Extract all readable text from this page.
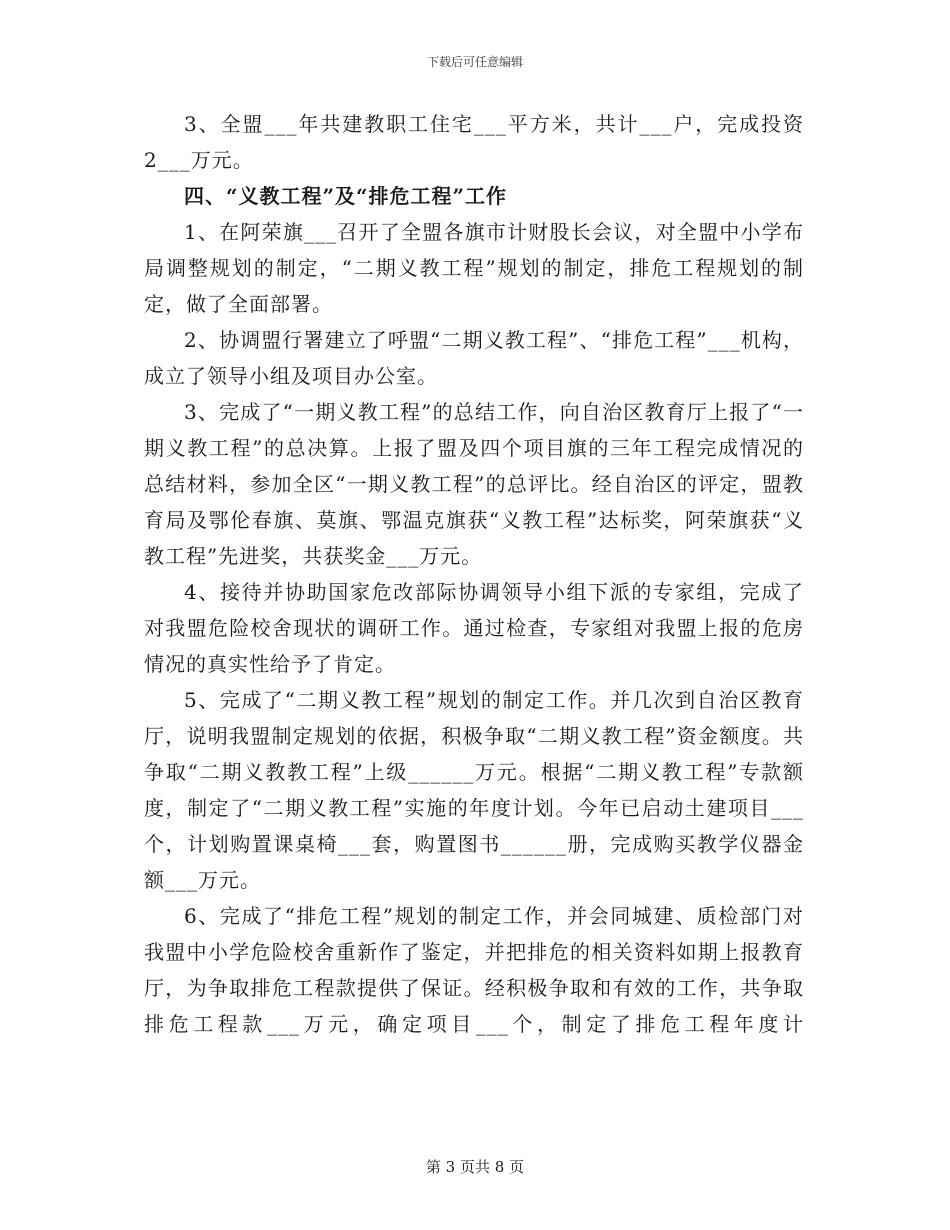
下载后可任意编辑

3、全盟___年共建教职工住宅___平方米，共计___户，完成投资2___万元。

四、“义教工程”及“排危工程”工作

1、在阿荣旗___召开了全盟各旗市计财股长会议，对全盟中小学布局调整规划的制定，“二期义教工程”规划的制定，排危工程规划的制定，做了全面部署。

2、协调盟行署建立了呼盟“二期义教工程”、“排危工程”___机构，成立了领导小组及项目办公室。

3、完成了“一期义教工程”的总结工作，向自治区教育厅上报了“一期义教工程”的总决算。上报了盟及四个项目旗的三年工程完成情况的总结材料，参加全区“一期义教工程”的总评比。经自治区的评定，盟教育局及鄂伦春旗、莫旗、鄂温克旗获“义教工程”达标奖，阿荣旗获“义教工程”先进奖，共获奖金___万元。

4、接待并协助国家危改部际协调领导小组下派的专家组，完成了对我盟危险校舍现状的调研工作。通过检查，专家组对我盟上报的危房情况的真实性给予了肯定。

5、完成了“二期义教工程”规划的制定工作。并几次到自治区教育厅，说明我盟制定规划的依据，积极争取“二期义教工程”资金额度。共争取“二期义教教工程”上级______万元。根据“二期义教工程”专款额度，制定了“二期义教工程”实施的年度计划。今年已启动土建项目___个，计划购置课桌椅___套，购置图书______册，完成购买教学仪器金额___万元。

6、完成了“排危工程”规划的制定工作，并会同城建、质检部门对我盟中小学危险校舍重新作了鉴定，并把排危的相关资料如期上报教育厅，为争取排危工程款提供了保证。经积极争取和有效的工作，共争取排危工程款___万元，确定项目___个，制定了排危工程年度计

第 3 页共 8 页
